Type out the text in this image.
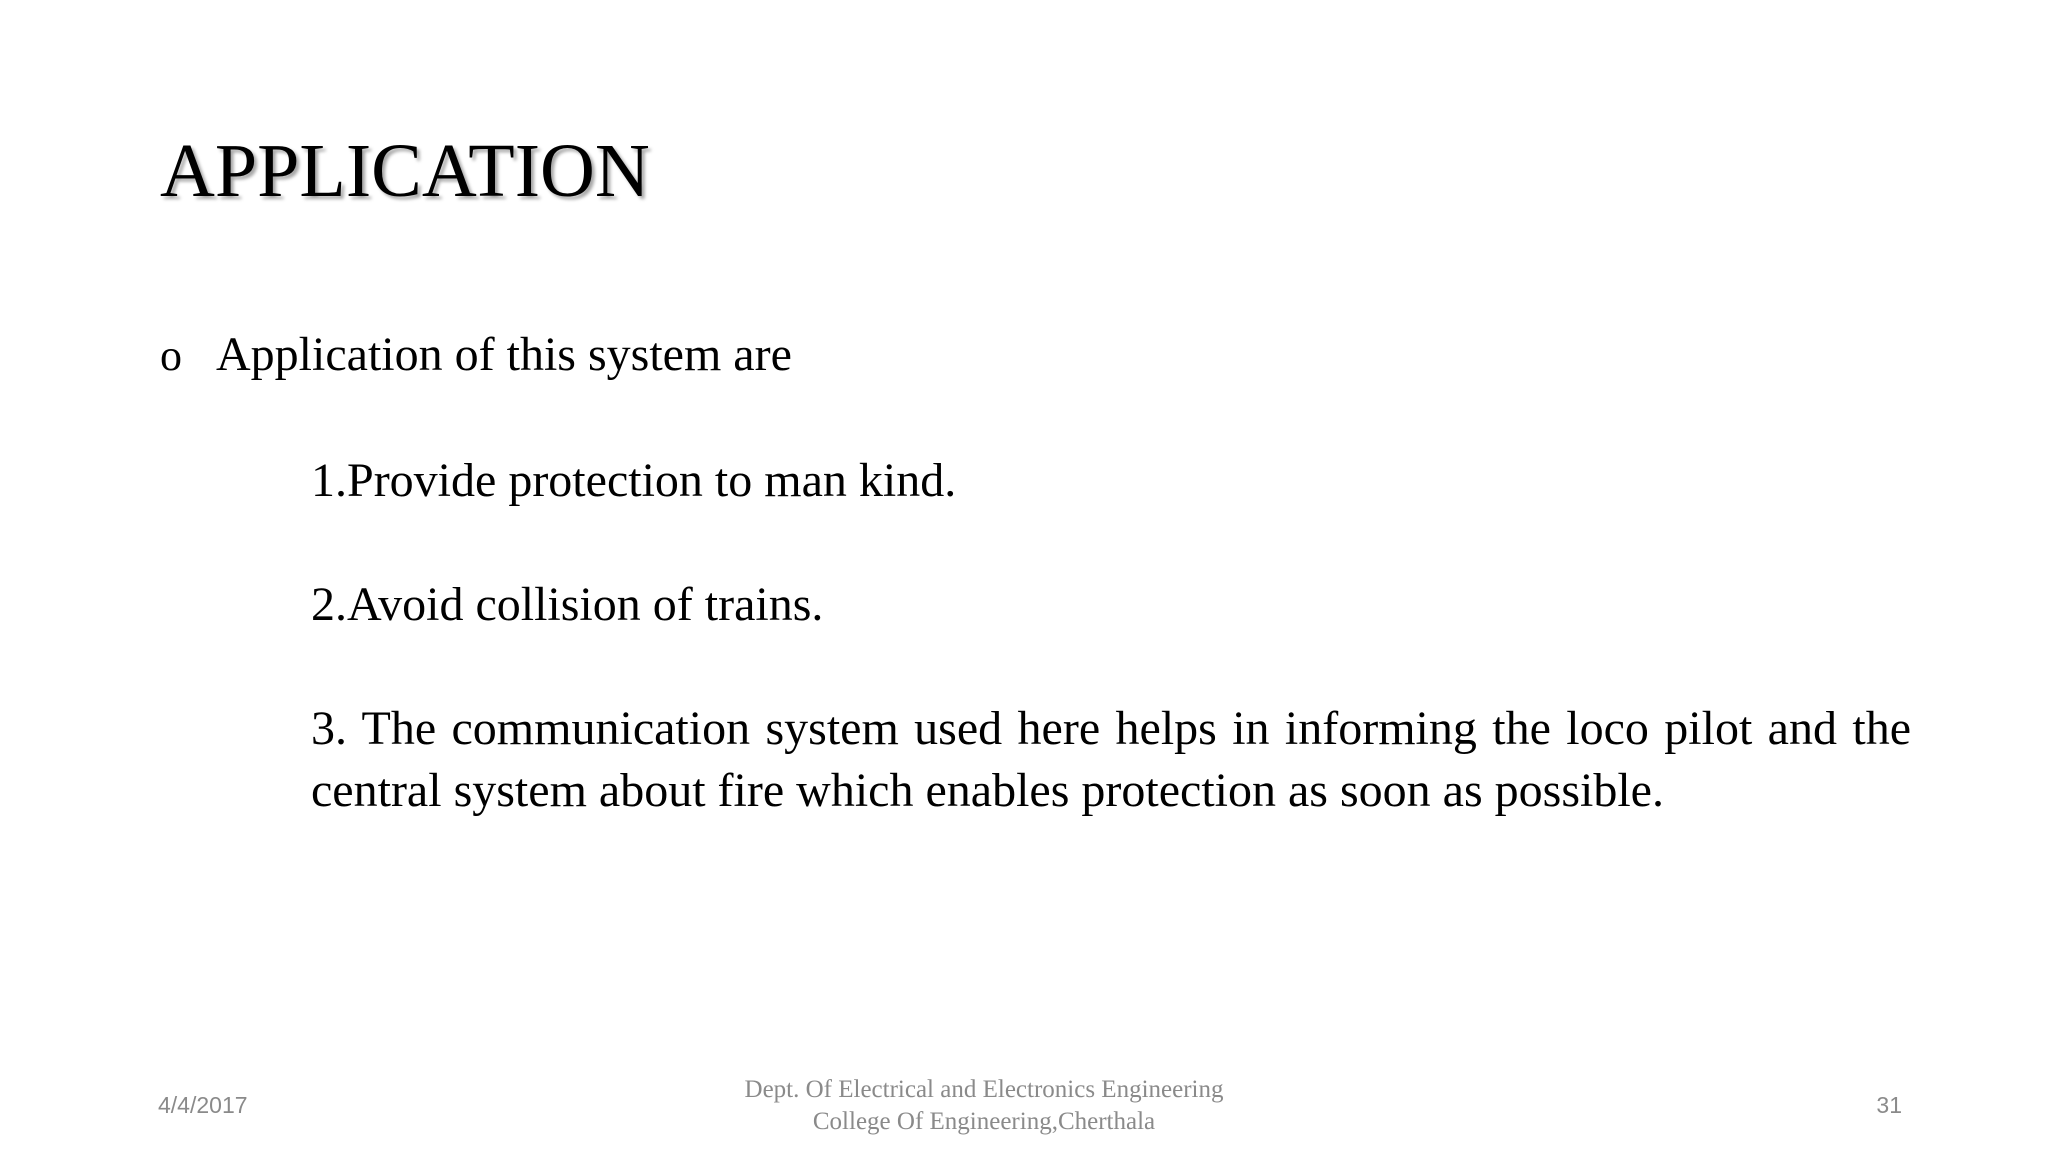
APPLICATION
o Application of this system are
1.Provide protection to man kind.
2.Avoid collision of trains.
3. The communication system used here helps in informing the loco pilot and the central system about fire which enables protection as soon as possible.
4/4/2017
Dept. Of Electrical and Electronics Engineering
College Of Engineering,Cherthala
31
